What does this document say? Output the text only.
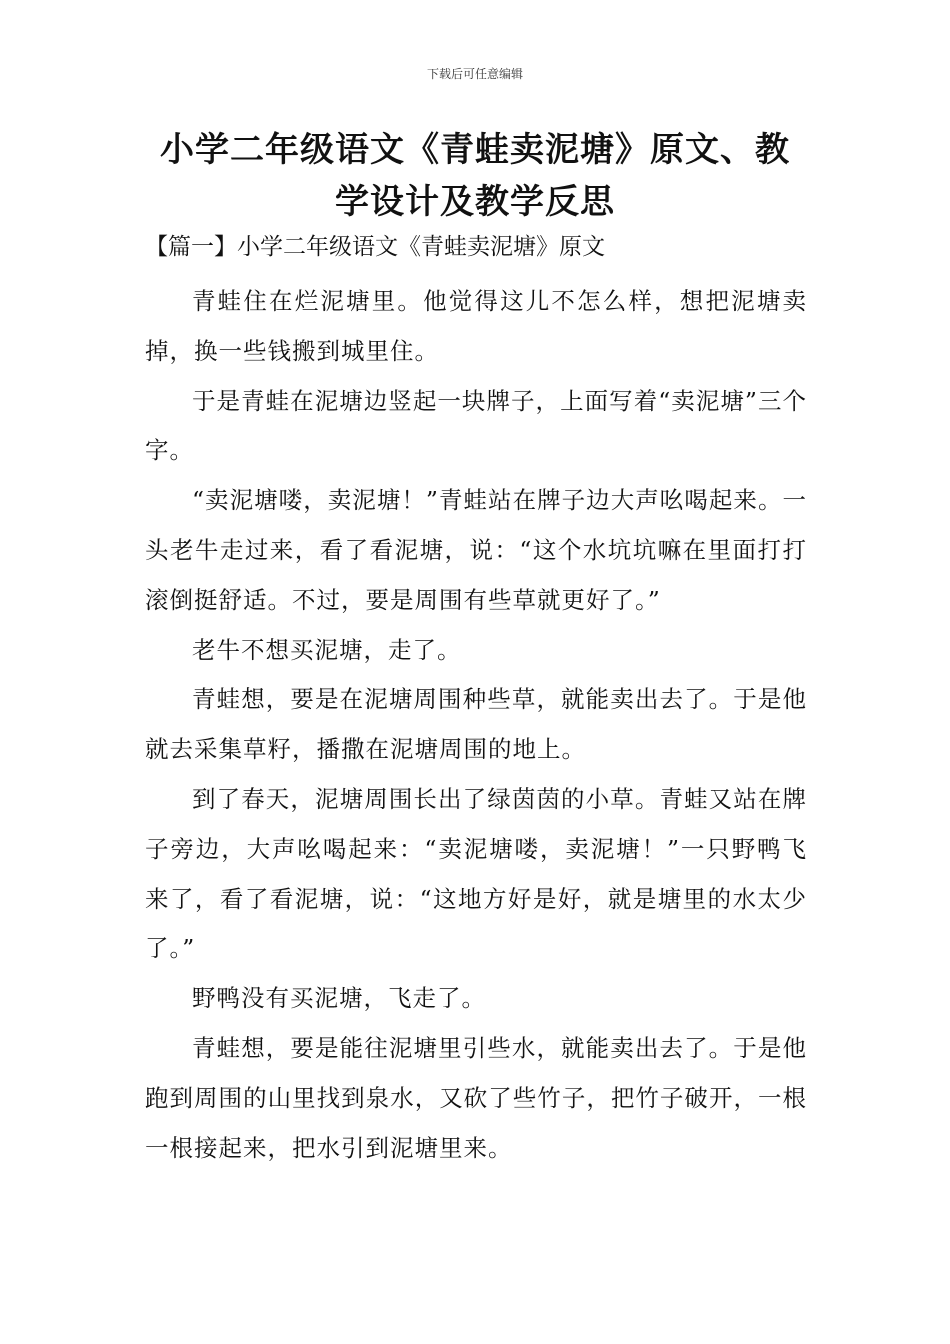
下载后可任意编辑
小学二年级语文《青蛙卖泥塘》原文、教学设计及教学反思
【篇一】小学二年级语文《青蛙卖泥塘》原文

青蛙住在烂泥塘里。他觉得这儿不怎么样，想把泥塘卖掉，换一些钱搬到城里住。

于是青蛙在泥塘边竖起一块牌子，上面写着“卖泥塘”三个字。

“卖泥塘喽，卖泥塘！”青蛙站在牌子边大声吆喝起来。一头老牛走过来，看了看泥塘，说：“这个水坑坑嘛在里面打打滚倒挺舒适。不过，要是周围有些草就更好了。”

老牛不想买泥塘，走了。

青蛙想，要是在泥塘周围种些草，就能卖出去了。于是他就去采集草籽，播撒在泥塘周围的地上。

到了春天，泥塘周围长出了绿茵茵的小草。青蛙又站在牌子旁边，大声吆喝起来：“卖泥塘喽，卖泥塘！”一只野鸭飞来了，看了看泥塘，说：“这地方好是好，就是塘里的水太少了。”

野鸭没有买泥塘，飞走了。

青蛙想，要是能往泥塘里引些水，就能卖出去了。于是他跑到周围的山里找到泉水，又砍了些竹子，把竹子破开，一根一根接起来，把水引到泥塘里来。
